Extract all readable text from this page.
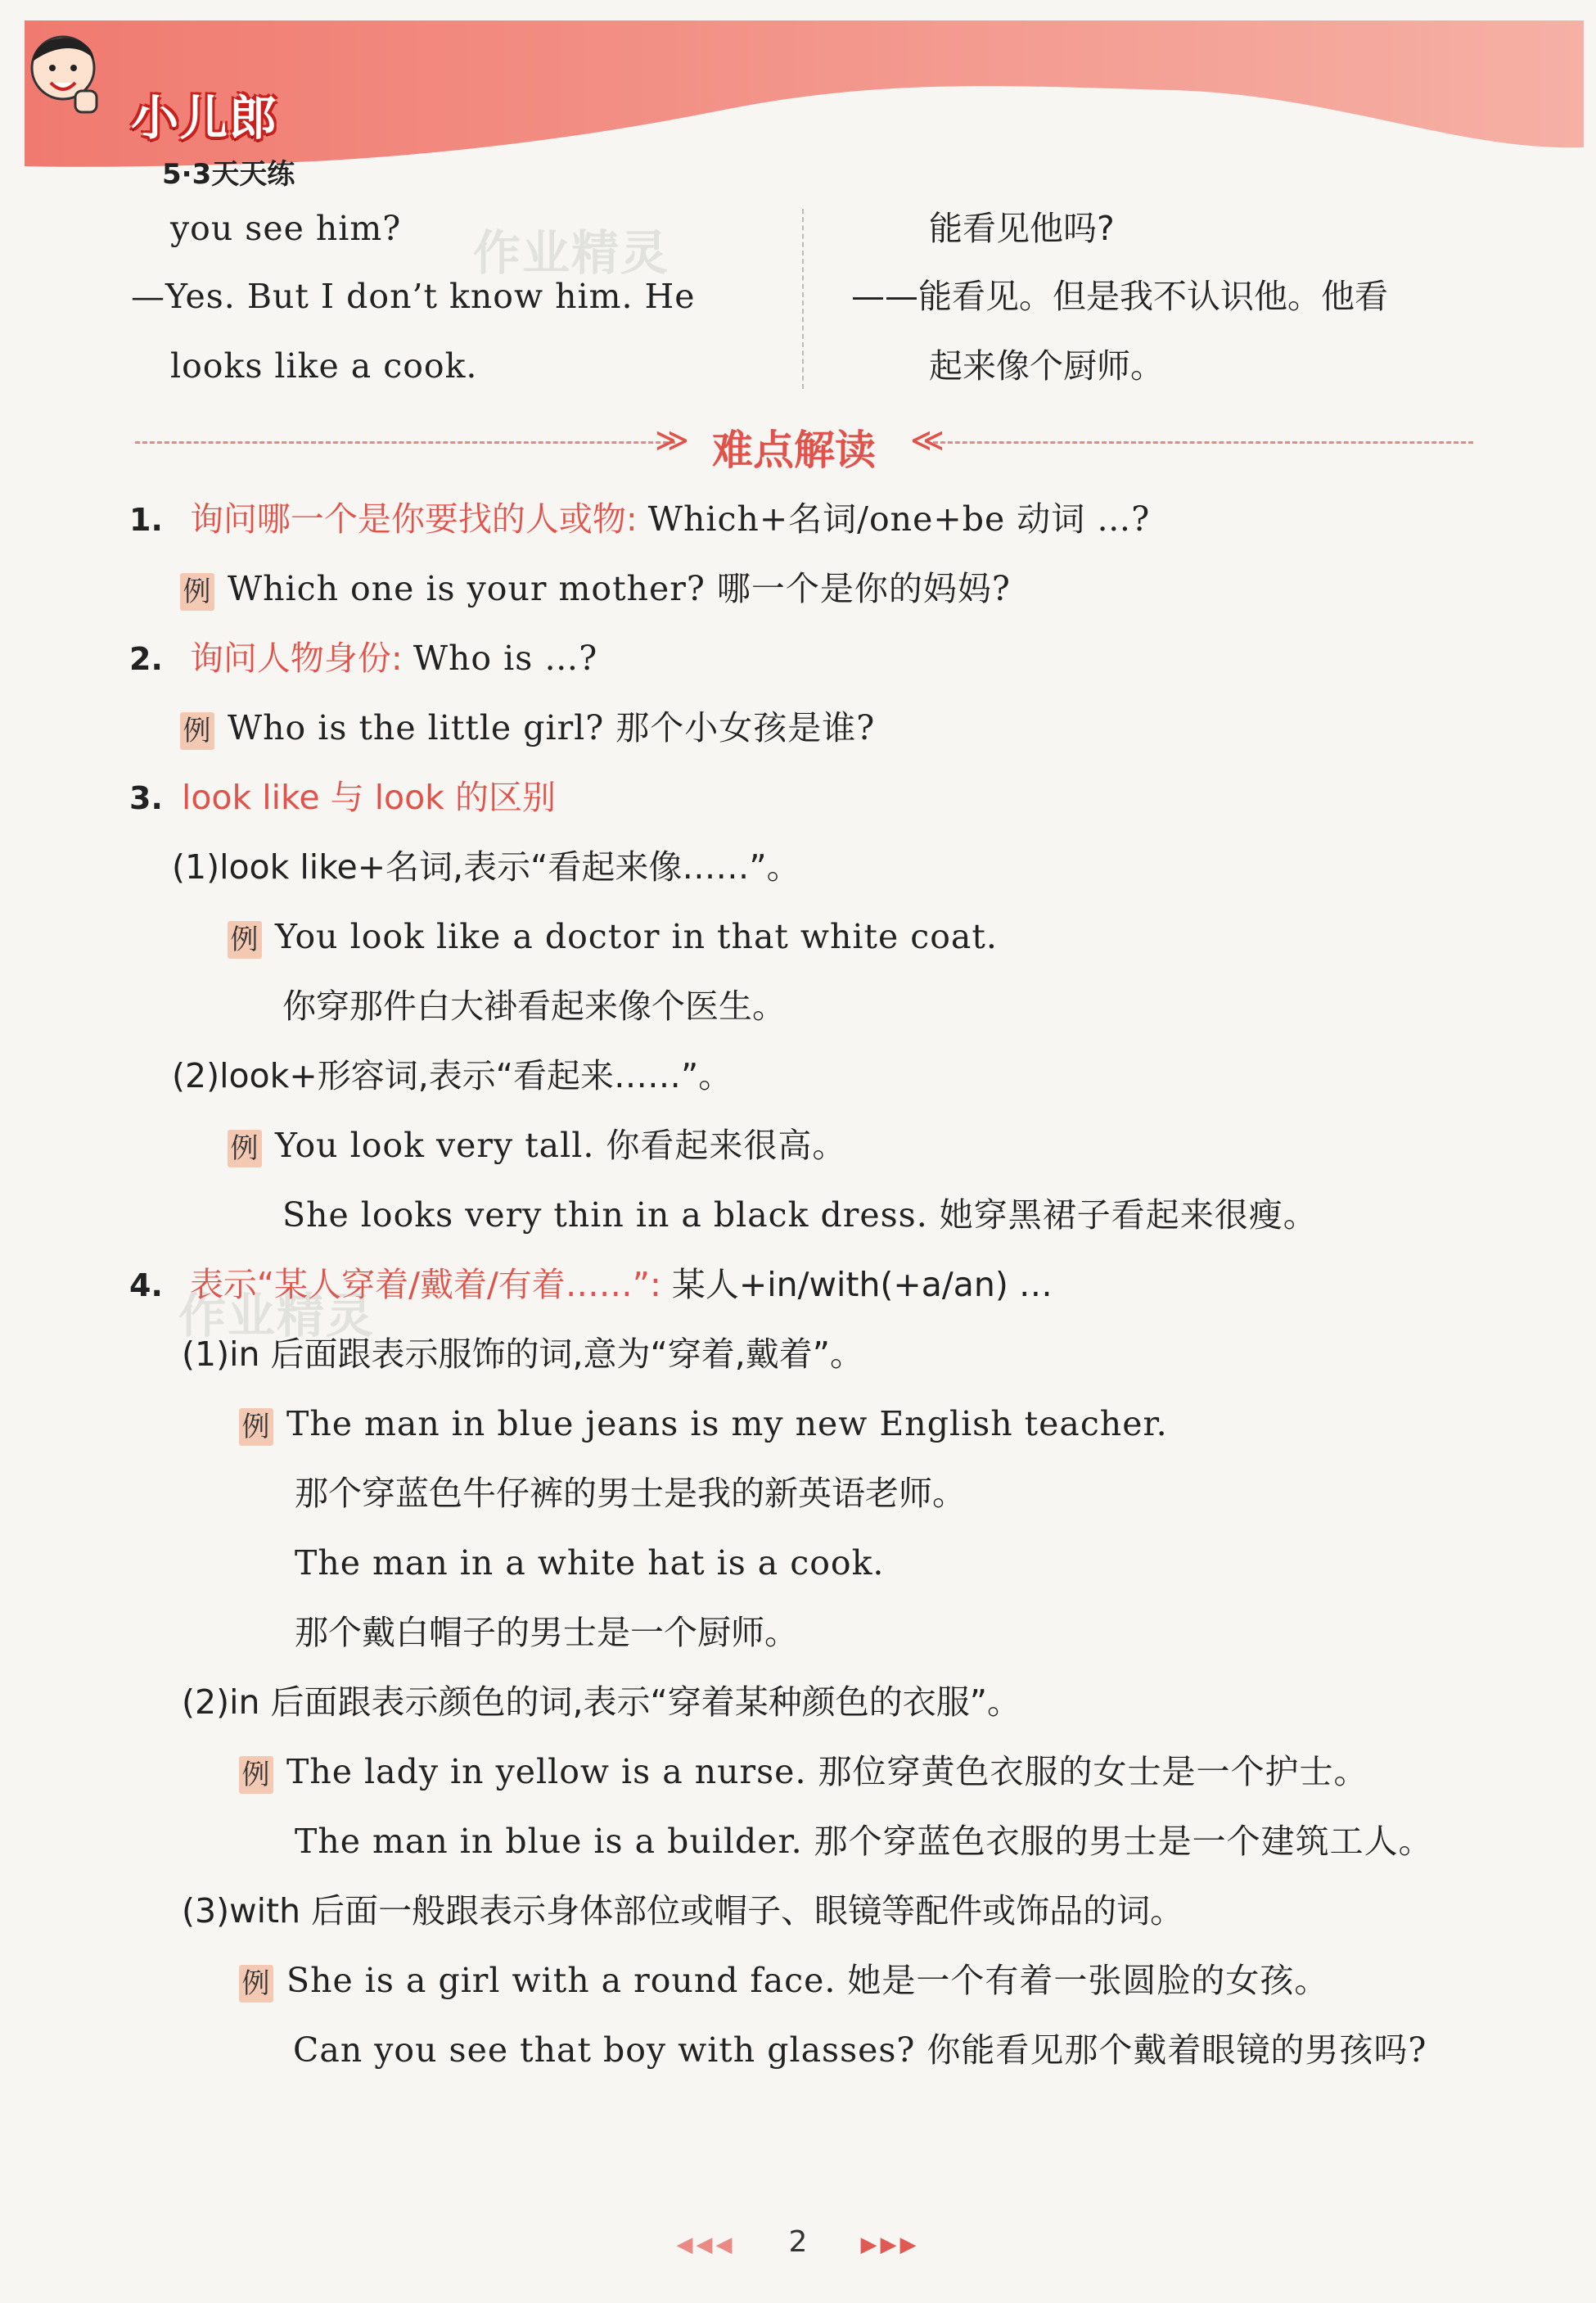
小儿郎
5·3天天练
you see him?
—Yes. But I don’t know him. He
looks like a cook.
能看见他吗?
——能看见。但是我不认识他。他看
起来像个厨师。
作业精灵
≫ 难点解读 ≪
1. 询问哪一个是你要找的人或物: Which+名词/one+be 动词 …?
例 Which one is your mother? 哪一个是你的妈妈?
2. 询问人物身份: Who is …?
例 Who is the little girl? 那个小女孩是谁?
3. look like 与 look 的区别
(1)look like+名词,表示“看起来像……”。
例 You look like a doctor in that white coat.
你穿那件白大褂看起来像个医生。
(2)look+形容词,表示“看起来……”。
例 You look very tall. 你看起来很高。
She looks very thin in a black dress. 她穿黑裙子看起来很瘦。
4. 表示“某人穿着/戴着/有着……”: 某人+in/with(+a/an) …
作业精灵
(1)in 后面跟表示服饰的词,意为“穿着,戴着”。
例 The man in blue jeans is my new English teacher.
那个穿蓝色牛仔裤的男士是我的新英语老师。
The man in a white hat is a cook.
那个戴白帽子的男士是一个厨师。
(2)in 后面跟表示颜色的词,表示“穿着某种颜色的衣服”。
例 The lady in yellow is a nurse. 那位穿黄色衣服的女士是一个护士。
The man in blue is a builder. 那个穿蓝色衣服的男士是一个建筑工人。
(3)with 后面一般跟表示身体部位或帽子、眼镜等配件或饰品的词。
例 She is a girl with a round face. 她是一个有着一张圆脸的女孩。
Can you see that boy with glasses? 你能看见那个戴着眼镜的男孩吗?
◀◀◀ 2	▶▶▶
